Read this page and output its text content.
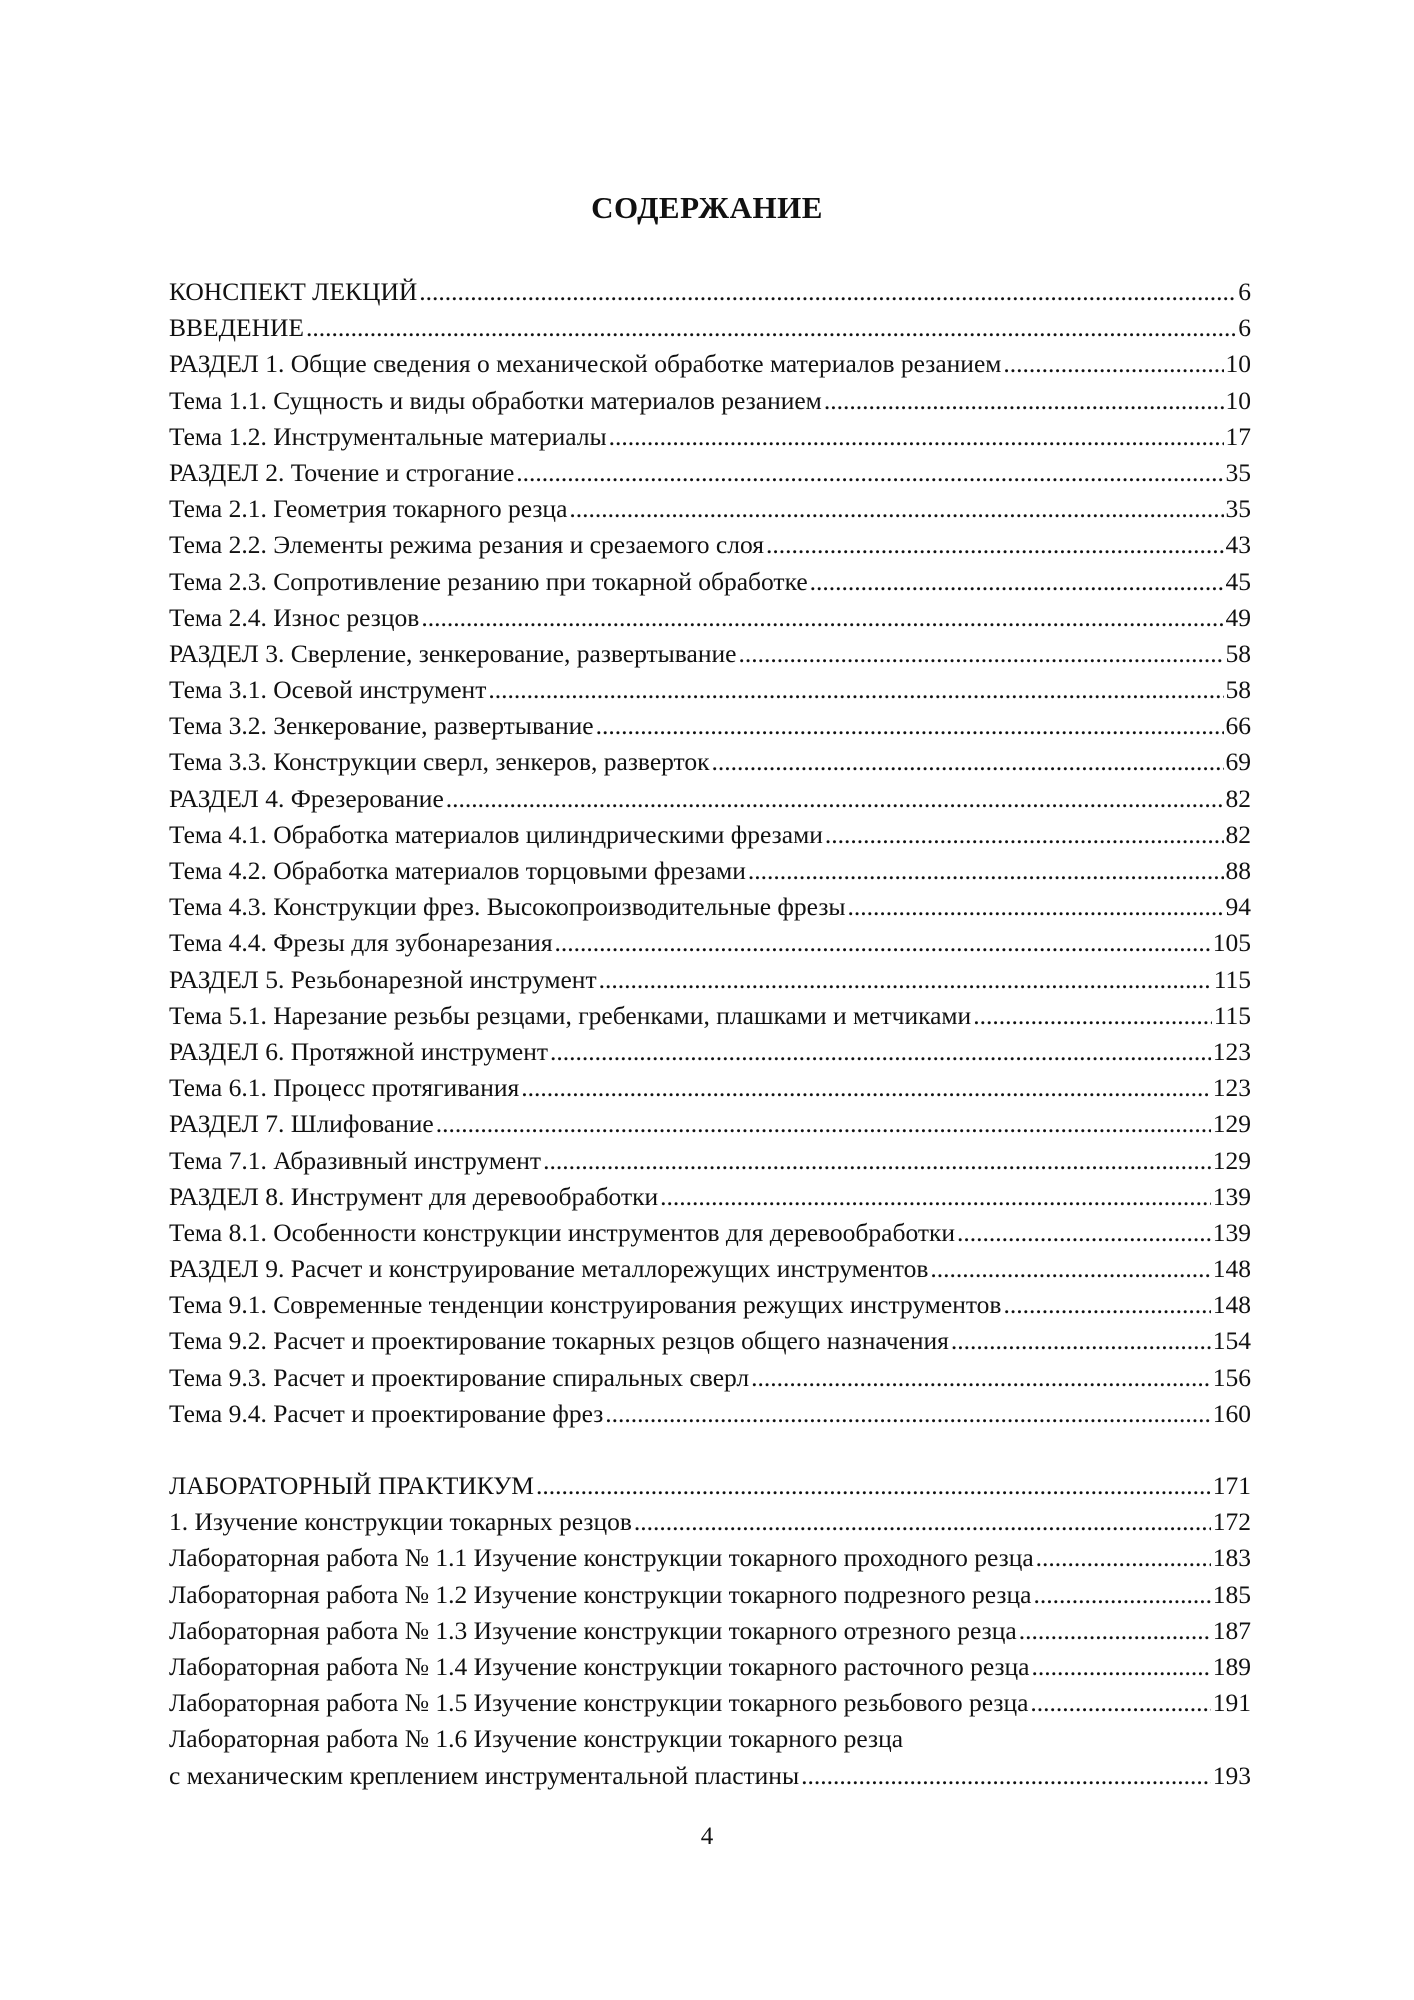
СОДЕРЖАНИЕ
КОНСПЕКТ ЛЕКЦИЙ .....	6
ВВЕДЕНИЕ .....	6
РАЗДЕЛ 1. Общие сведения о механической обработке материалов резанием .....	10
Тема 1.1. Сущность и виды обработки материалов резанием .....	10
Тема 1.2. Инструментальные материалы .....	17
РАЗДЕЛ 2. Точение и строгание .....	35
Тема 2.1. Геометрия токарного резца .....	35
Тема 2.2. Элементы режима резания и срезаемого слоя .....	43
Тема 2.3. Сопротивление резанию при токарной обработке .....	45
Тема 2.4. Износ резцов .....	49
РАЗДЕЛ 3. Сверление, зенкерование, развертывание .....	58
Тема 3.1. Осевой инструмент .....	58
Тема 3.2. Зенкерование, развертывание .....	66
Тема 3.3. Конструкции сверл, зенкеров, разверток .....	69
РАЗДЕЛ 4. Фрезерование .....	82
Тема 4.1. Обработка материалов цилиндрическими фрезами .....	82
Тема 4.2. Обработка материалов торцовыми фрезами .....	88
Тема 4.3. Конструкции фрез. Высокопроизводительные фрезы .....	94
Тема 4.4. Фрезы для зубонарезания .....	105
РАЗДЕЛ 5. Резьбонарезной инструмент .....	115
Тема 5.1. Нарезание резьбы резцами, гребенками, плашками и метчиками .....	115
РАЗДЕЛ 6. Протяжной инструмент .....	123
Тема 6.1. Процесс протягивания .....	123
РАЗДЕЛ 7. Шлифование .....	129
Тема 7.1. Абразивный инструмент .....	129
РАЗДЕЛ 8. Инструмент для деревообработки .....	139
Тема 8.1. Особенности конструкции инструментов для деревообработки .....	139
РАЗДЕЛ 9. Расчет и конструирование металлорежущих инструментов .....	148
Тема 9.1. Современные тенденции конструирования режущих инструментов .....	148
Тема 9.2. Расчет и проектирование токарных резцов общего назначения .....	154
Тема 9.3. Расчет и проектирование спиральных сверл .....	156
Тема 9.4. Расчет и проектирование фрез .....	160
ЛАБОРАТОРНЫЙ ПРАКТИКУМ .....	171
1. Изучение конструкции токарных резцов .....	172
Лабораторная работа № 1.1 Изучение конструкции токарного проходного резца .....	183
Лабораторная работа № 1.2 Изучение конструкции токарного подрезного резца .....	185
Лабораторная работа № 1.3 Изучение конструкции токарного отрезного резца .....	187
Лабораторная работа № 1.4 Изучение конструкции токарного расточного резца .....	189
Лабораторная работа № 1.5 Изучение конструкции токарного резьбового резца .....	191
Лабораторная работа № 1.6 Изучение конструкции токарного резца
с механическим креплением инструментальной пластины .....	193
4
